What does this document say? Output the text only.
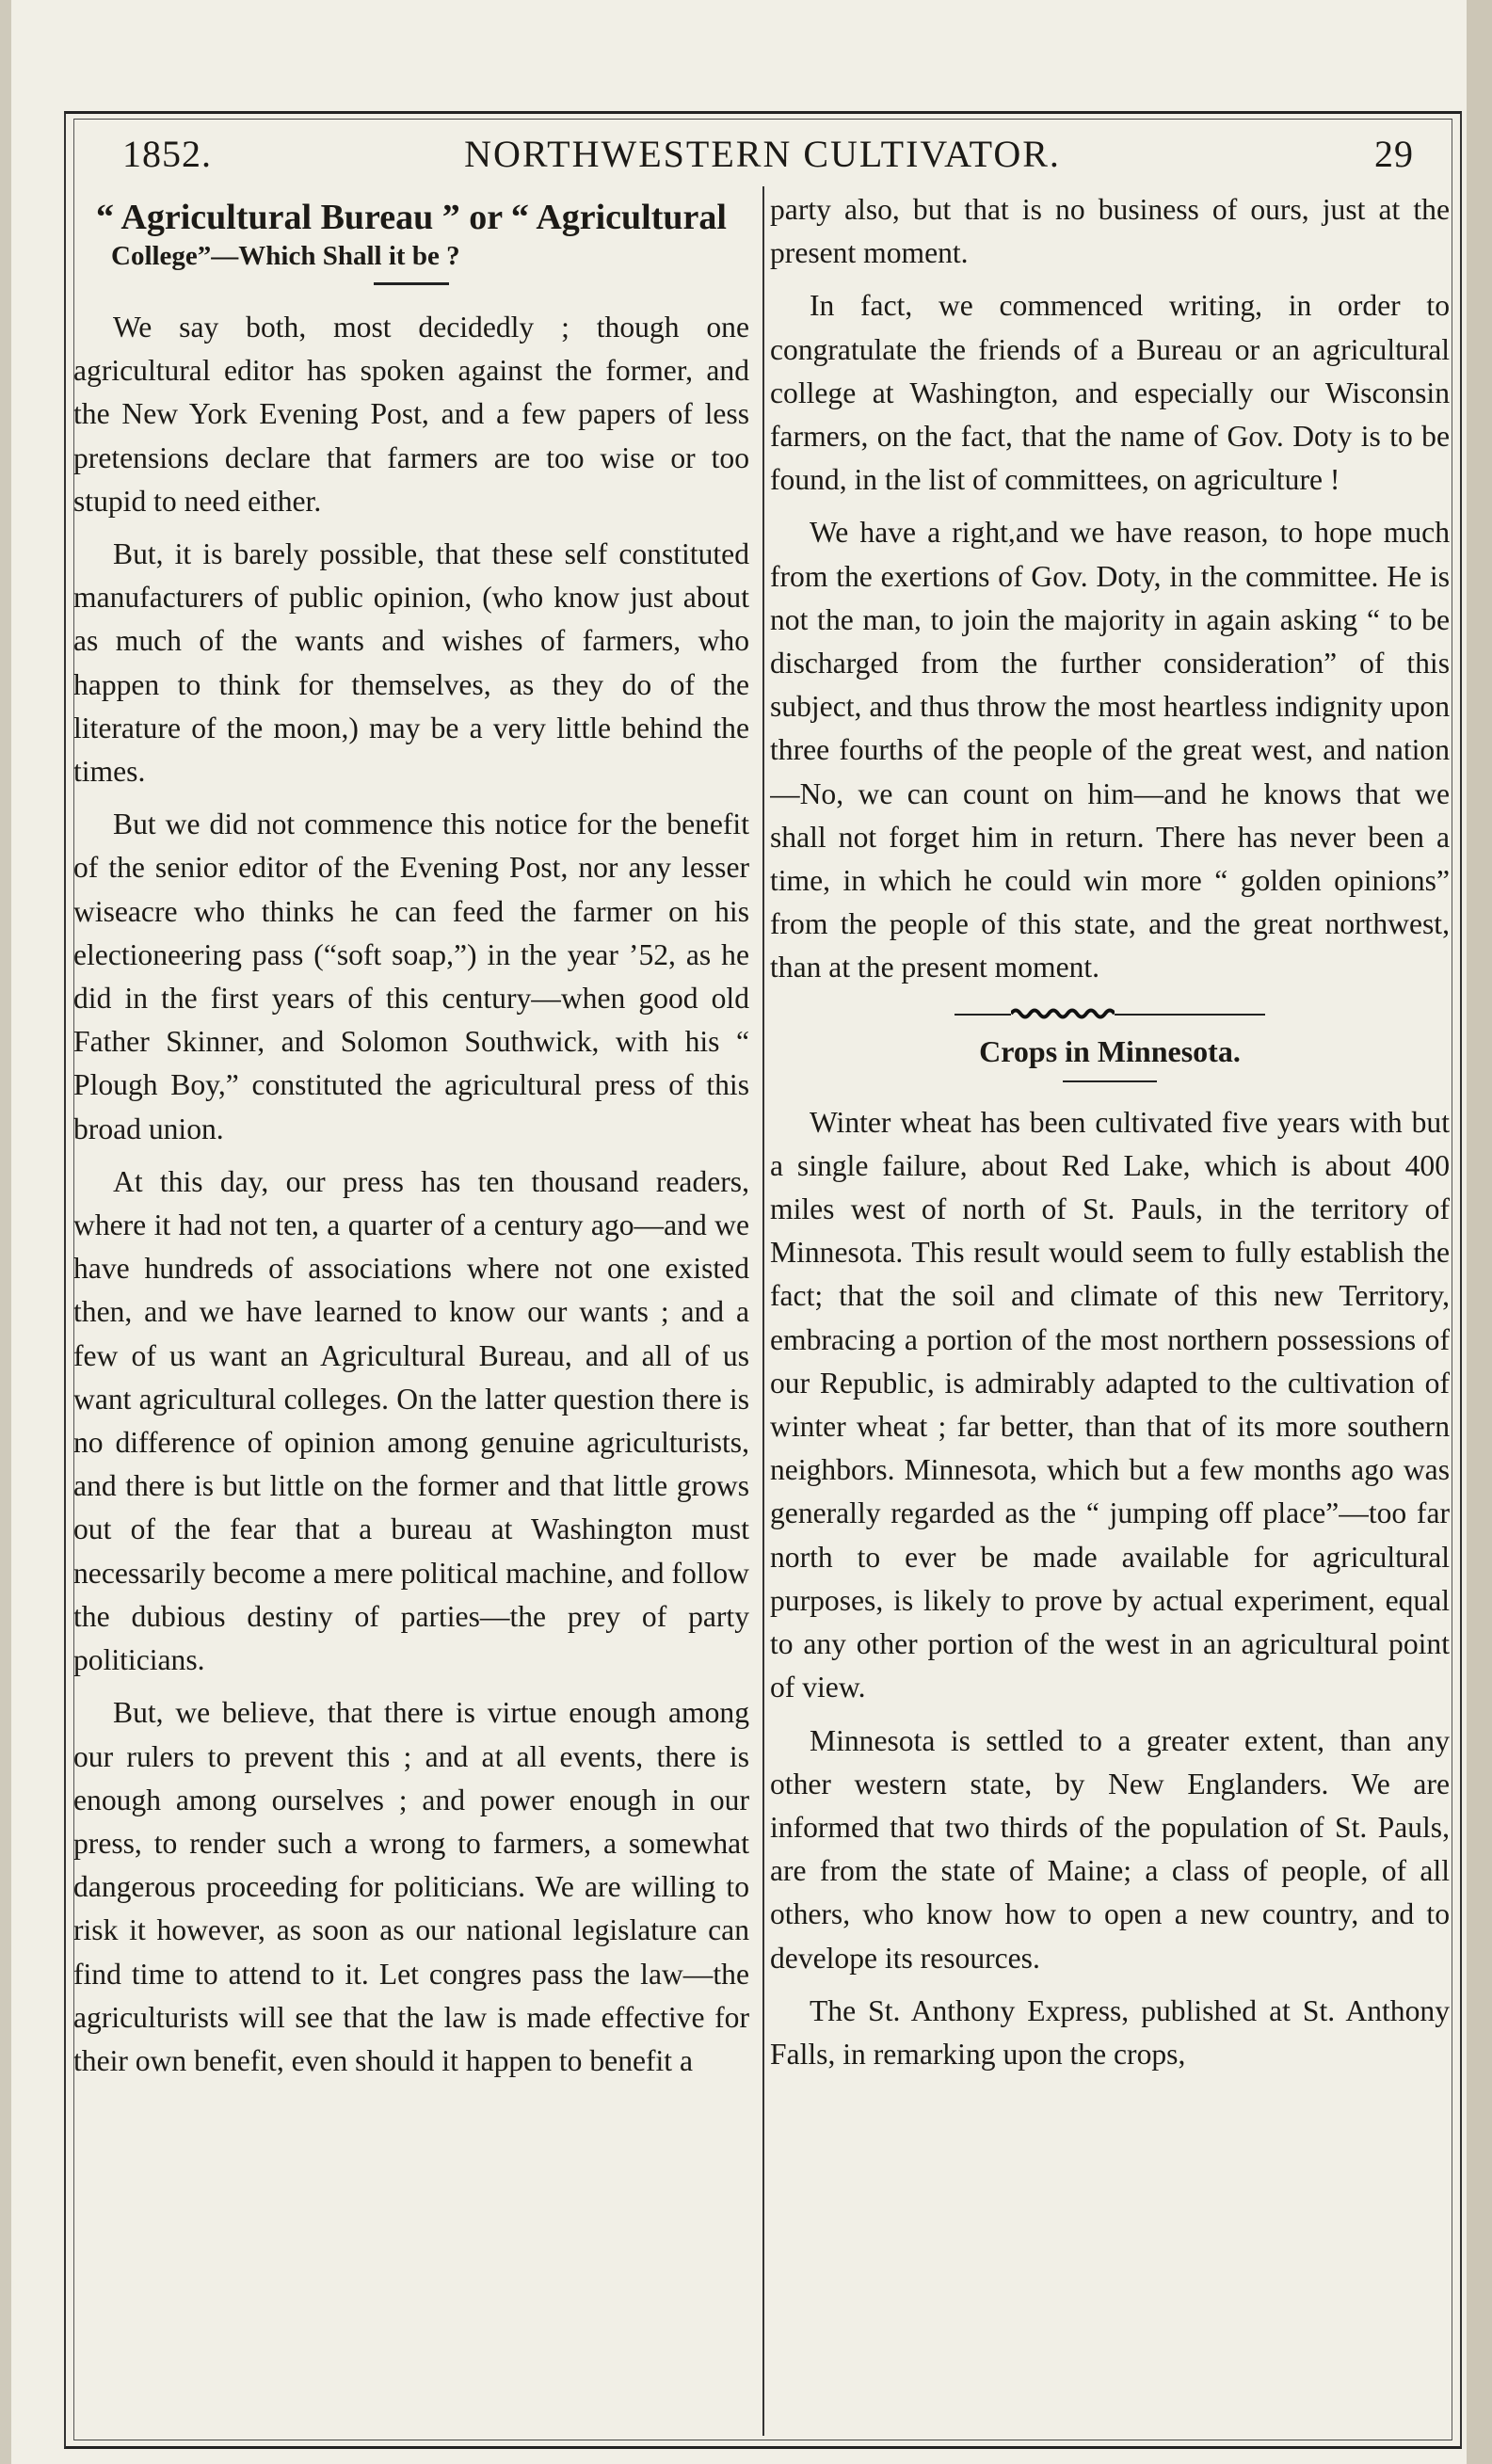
NORTHWESTERN CULTIVATOR.
1852.	29
“ Agricultural Bureau ” or “ Agricultural
College”—Which Shall it be ?

We say both, most decidedly ; though one agricultural editor has spoken against the former, and the New York Evening Post, and a few papers of less pretensions declare that farmers are too wise or too stupid to need either.

But, it is barely possible, that these self constituted manufacturers of public opinion, (who know just about as much of the wants and wishes of farmers, who happen to think for themselves, as they do of the literature of the moon,) may be a very little behind the times.

But we did not commence this notice for the benefit of the senior editor of the Evening Post, nor any lesser wiseacre who thinks he can feed the farmer on his electioneering pass (“soft soap,”) in the year ’52, as he did in the first years of this century—when good old Father Skinner, and Solomon Southwick, with his “ Plough Boy,” constituted the agricultural press of this broad union.

At this day, our press has ten thousand readers, where it had not ten, a quarter of a century ago—and we have hundreds of associations where not one existed then, and we have learned to know our wants ; and a few of us want an Agricultural Bureau, and all of us want agricultural colleges. On the latter question there is no difference of opinion among genuine agriculturists, and there is but little on the former and that little grows out of the fear that a bureau at Washington must necessarily become a mere political machine, and follow the dubious destiny of parties—the prey of party politicians.

But, we believe, that there is virtue enough among our rulers to prevent this ; and at all events, there is enough among ourselves ; and power enough in our press, to render such a wrong to farmers, a somewhat dangerous proceeding for politicians. We are willing to risk it however, as soon as our national legislature can find time to attend to it. Let congres pass the law—the agriculturists will see that the law is made effective for their own benefit, even should it happen to benefit a

party also, but that is no business of ours, just at the present moment.

In fact, we commenced writing, in order to congratulate the friends of a Bureau or an agricultural college at Washington, and especially our Wisconsin farmers, on the fact, that the name of Gov. Doty is to be found, in the list of committees, on agriculture !

We have a right,and we have reason, to hope much from the exertions of Gov. Doty, in the committee. He is not the man, to join the majority in again asking “ to be discharged from the further consideration” of this subject, and thus throw the most heartless indignity upon three fourths of the people of the great west, and nation—No, we can count on him—and he knows that we shall not forget him in return. There has never been a time, in which he could win more “ golden opinions” from the people of this state, and the great northwest, than at the present moment.

Crops in Minnesota.

Winter wheat has been cultivated five years with but a single failure, about Red Lake, which is about 400 miles west of north of St. Pauls, in the territory of Minnesota. This result would seem to fully establish the fact; that the soil and climate of this new Territory, embracing a portion of the most northern possessions of our Republic, is admirably adapted to the cultivation of winter wheat ; far better, than that of its more southern neighbors. Minnesota, which but a few months ago was generally regarded as the “ jumping off place”—too far north to ever be made available for agricultural purposes, is likely to prove by actual experiment, equal to any other portion of the west in an agricultural point of view.

Minnesota is settled to a greater extent, than any other western state, by New Englanders. We are informed that two thirds of the population of St. Pauls, are from the state of Maine; a class of people, of all others, who know how to open a new country, and to develope its resources.

The St. Anthony Express, published at St. Anthony Falls, in remarking upon the crops,
